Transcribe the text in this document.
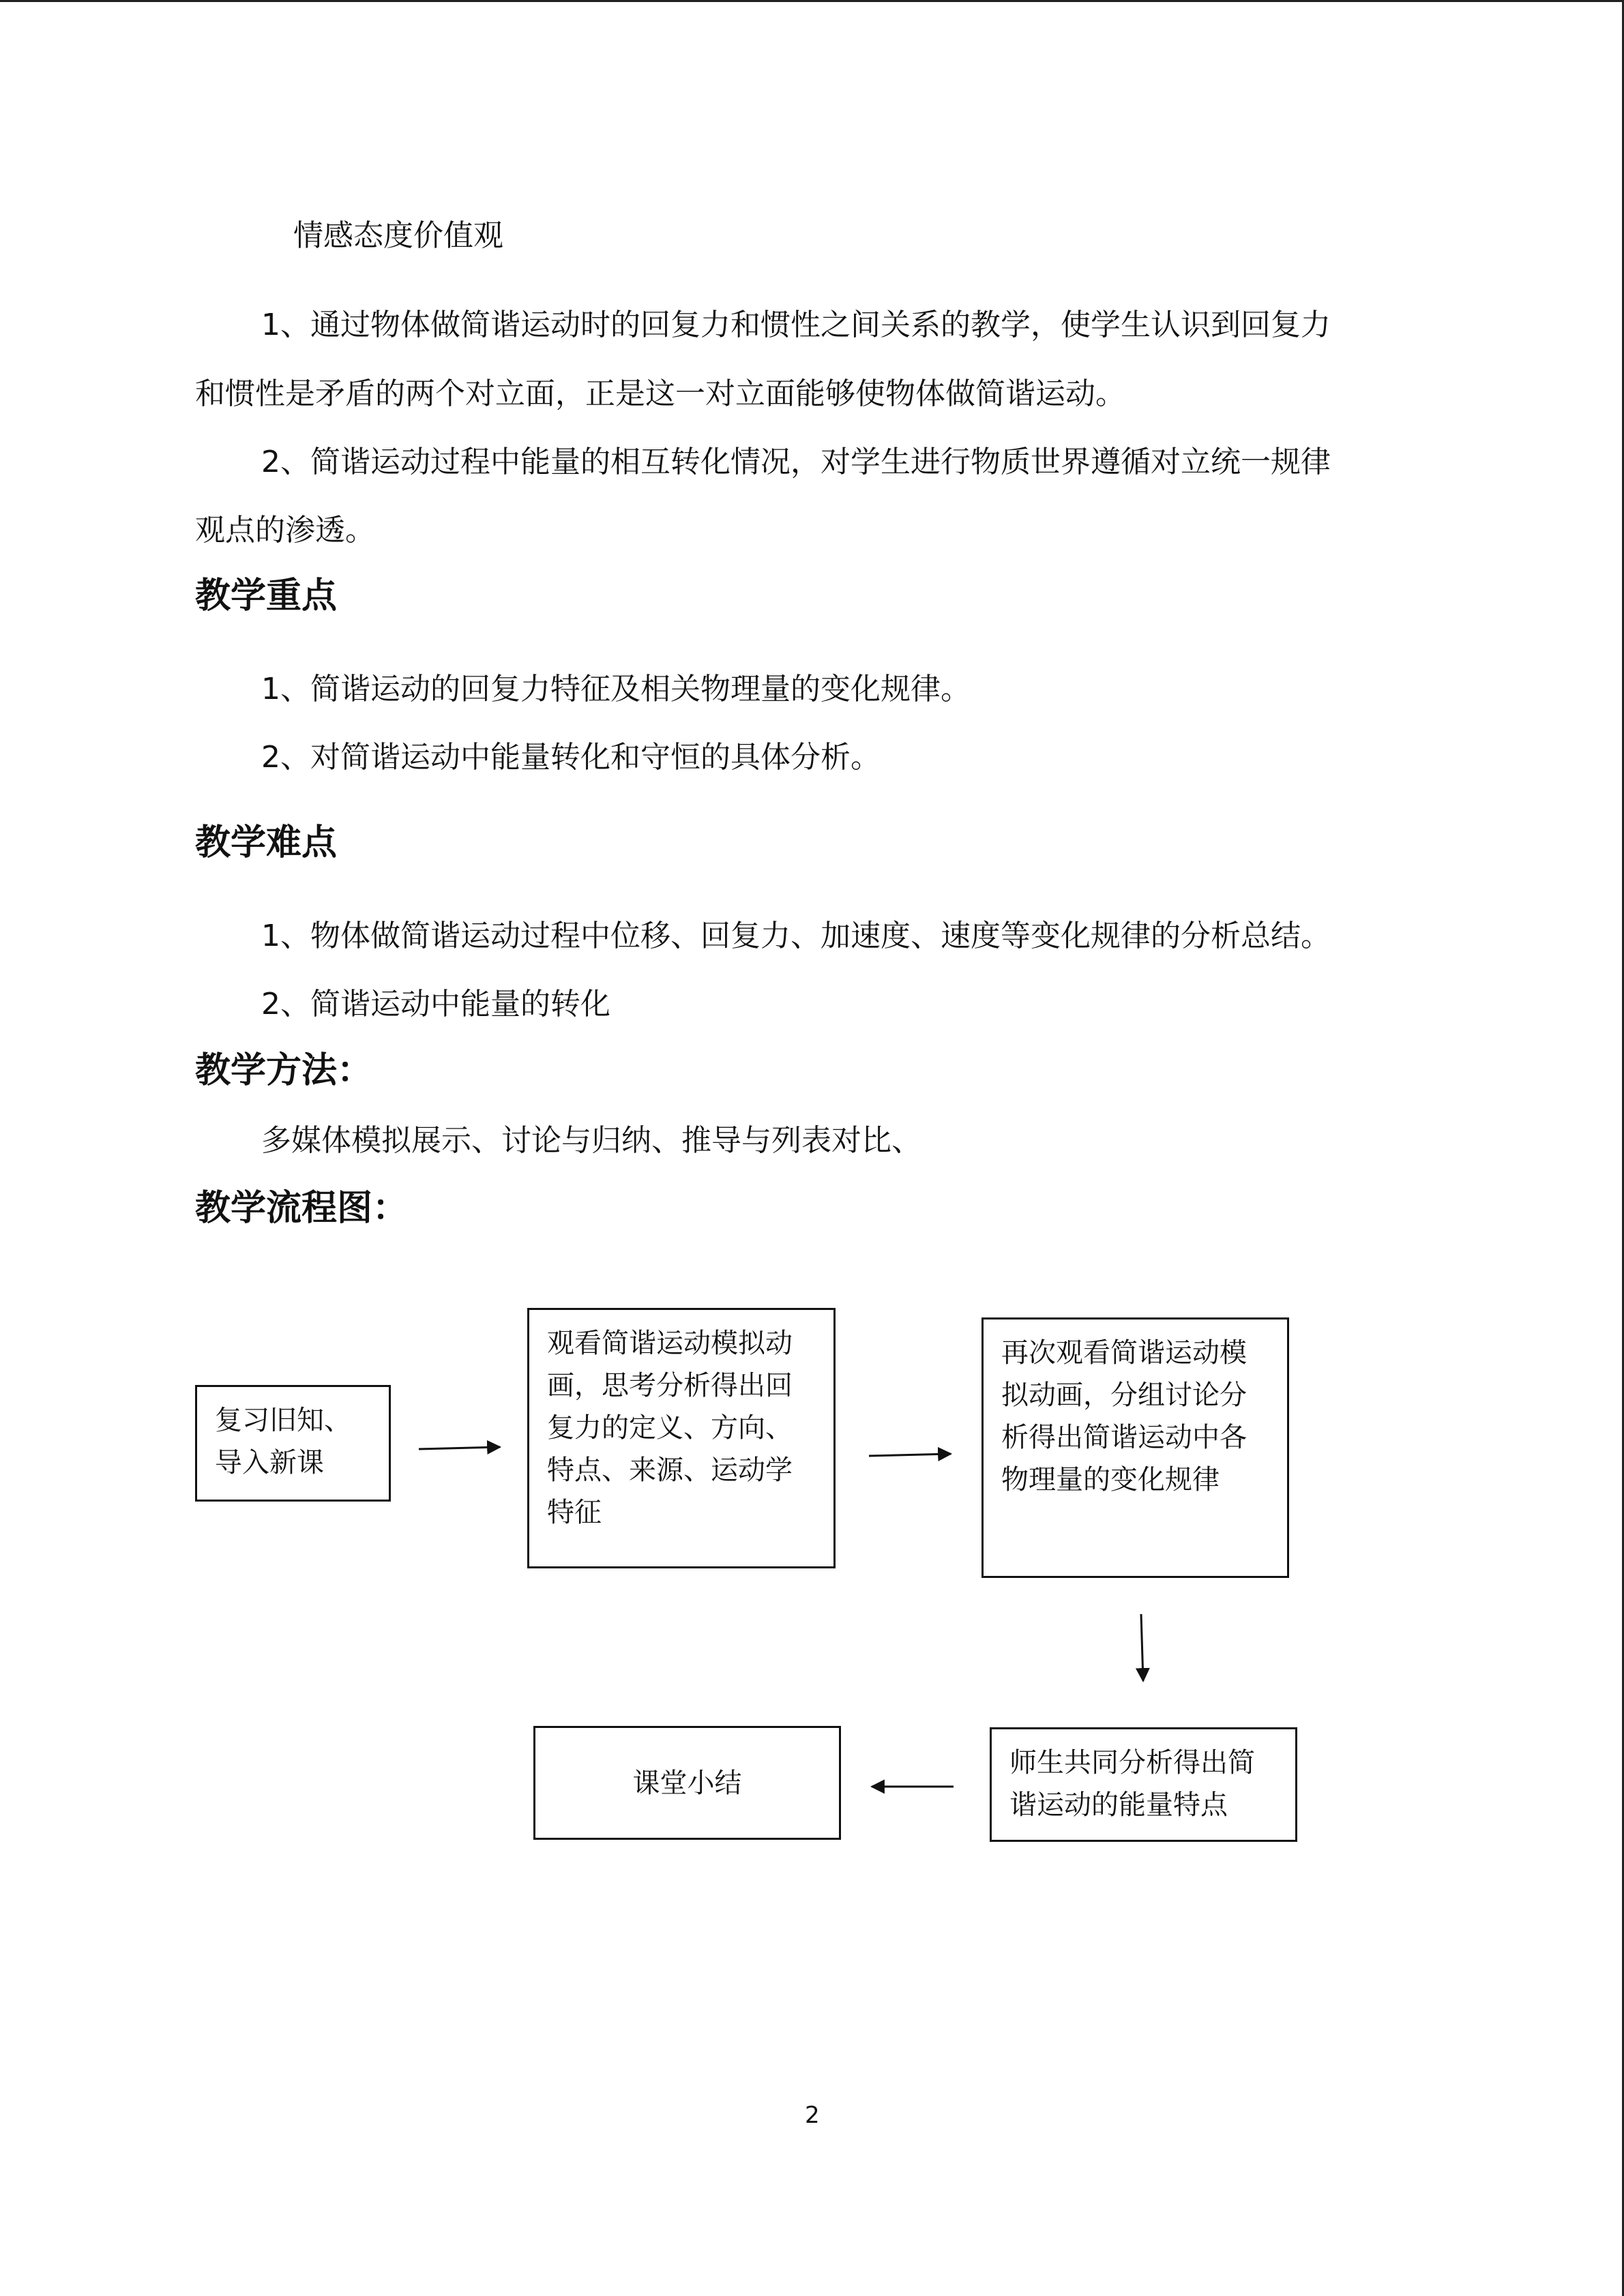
情感态度价值观
1、通过物体做简谐运动时的回复力和惯性之间关系的教学，使学生认识到回复力
和惯性是矛盾的两个对立面，正是这一对立面能够使物体做简谐运动。
2、简谐运动过程中能量的相互转化情况，对学生进行物质世界遵循对立统一规律
观点的渗透。
教学重点
1、简谐运动的回复力特征及相关物理量的变化规律。
2、对简谐运动中能量转化和守恒的具体分析。
教学难点
1、物体做简谐运动过程中位移、回复力、加速度、速度等变化规律的分析总结。
2、简谐运动中能量的转化
教学方法：
多媒体模拟展示、讨论与归纳、推导与列表对比、
教学流程图：
复习旧知、
导入新课
观看简谐运动模拟动
画，思考分析得出回
复力的定义、方向、
特点、来源、运动学
特征
再次观看简谐运动模
拟动画，分组讨论分
析得出简谐运动中各
物理量的变化规律
师生共同分析得出简
谐运动的能量特点
课堂小结
2
